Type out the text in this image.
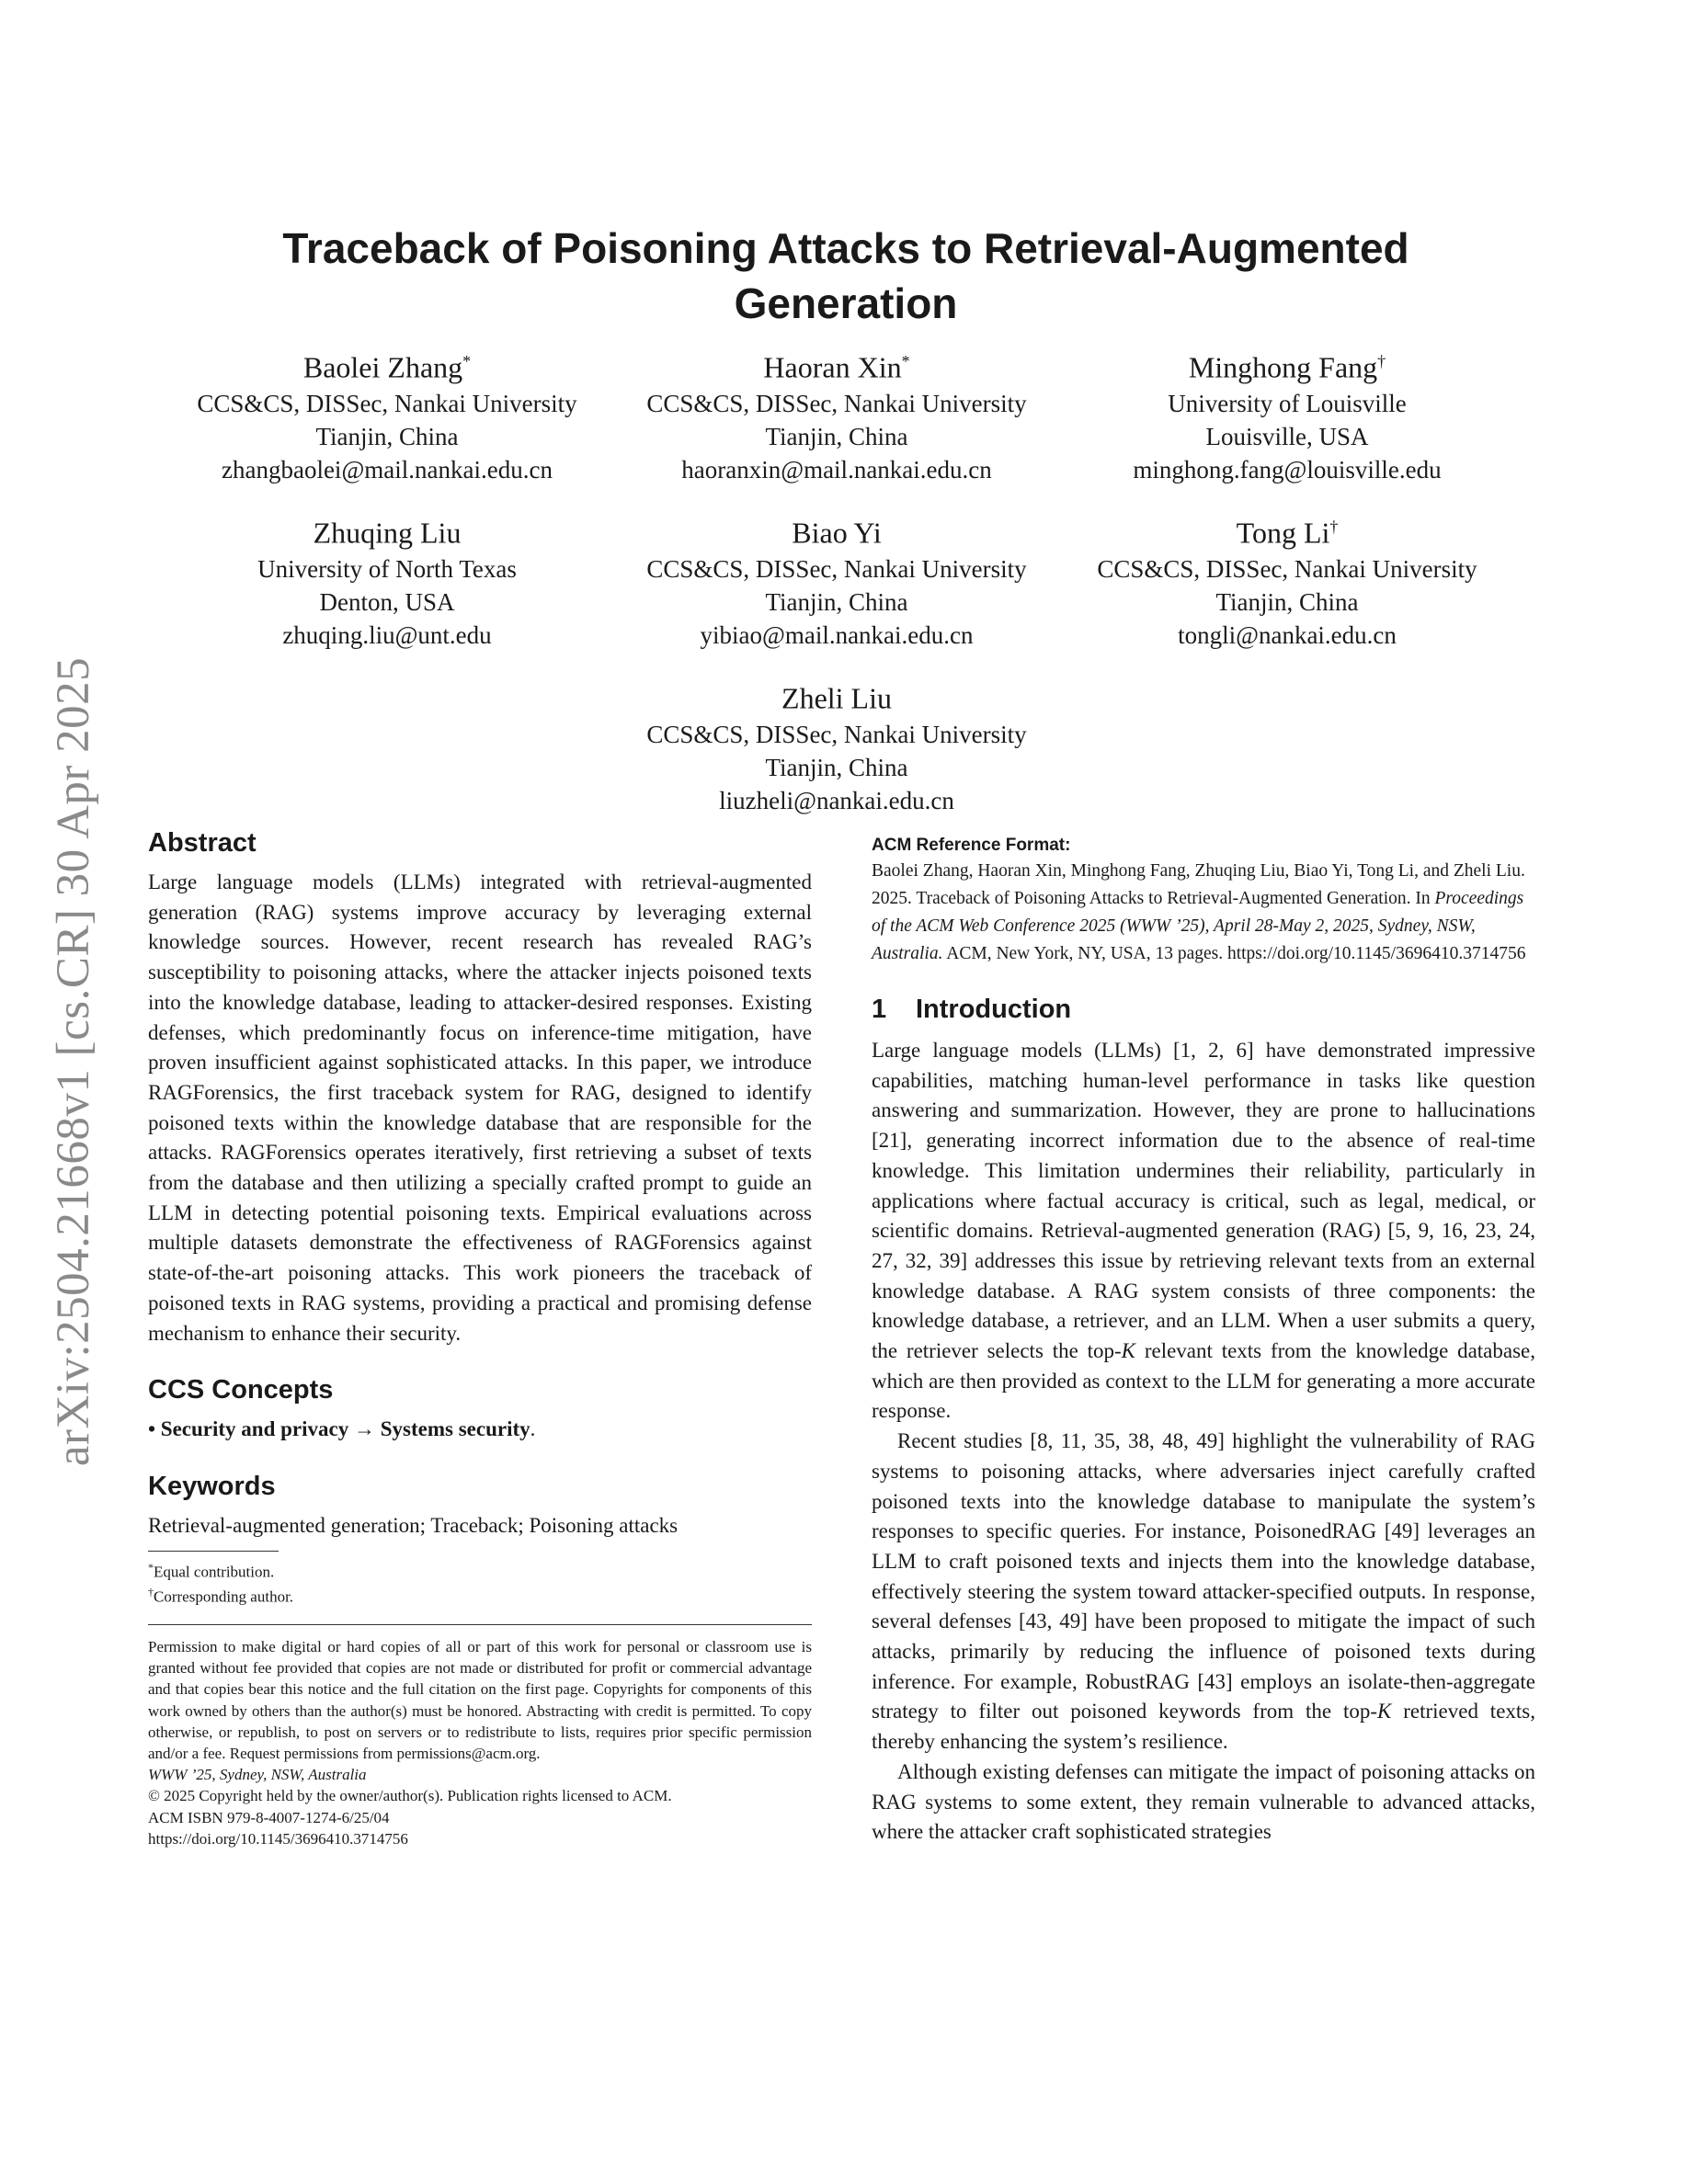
arXiv:2504.21668v1 [cs.CR] 30 Apr 2025
Traceback of Poisoning Attacks to Retrieval-Augmented Generation
Baolei Zhang*
CCS&CS, DISSec, Nankai University
Tianjin, China
zhangbaolei@mail.nankai.edu.cn
Haoran Xin*
CCS&CS, DISSec, Nankai University
Tianjin, China
haoranxin@mail.nankai.edu.cn
Minghong Fang†
University of Louisville
Louisville, USA
minghong.fang@louisville.edu
Zhuqing Liu
University of North Texas
Denton, USA
zhuqing.liu@unt.edu
Biao Yi
CCS&CS, DISSec, Nankai University
Tianjin, China
yibiao@mail.nankai.edu.cn
Tong Li†
CCS&CS, DISSec, Nankai University
Tianjin, China
tongli@nankai.edu.cn
Zheli Liu
CCS&CS, DISSec, Nankai University
Tianjin, China
liuzheli@nankai.edu.cn
Abstract

Large language models (LLMs) integrated with retrieval-augmented generation (RAG) systems improve accuracy by leveraging external knowledge sources. However, recent research has revealed RAG’s susceptibility to poisoning attacks, where the attacker injects poisoned texts into the knowledge database, leading to attacker-desired responses. Existing defenses, which predominantly focus on inference-time mitigation, have proven insufficient against sophisticated attacks. In this paper, we introduce RAGForensics, the first traceback system for RAG, designed to identify poisoned texts within the knowledge database that are responsible for the attacks. RAGForensics operates iteratively, first retrieving a subset of texts from the database and then utilizing a specially crafted prompt to guide an LLM in detecting potential poisoning texts. Empirical evaluations across multiple datasets demonstrate the effectiveness of RAGForensics against state-of-the-art poisoning attacks. This work pioneers the traceback of poisoned texts in RAG systems, providing a practical and promising defense mechanism to enhance their security.

CCS Concepts

• Security and privacy → Systems security.

Keywords

Retrieval-augmented generation; Traceback; Poisoning attacks

*Equal contribution.
†Corresponding author.
Permission to make digital or hard copies of all or part of this work for personal or classroom use is granted without fee provided that copies are not made or distributed for profit or commercial advantage and that copies bear this notice and the full citation on the first page. Copyrights for components of this work owned by others than the author(s) must be honored. Abstracting with credit is permitted. To copy otherwise, or republish, to post on servers or to redistribute to lists, requires prior specific permission and/or a fee. Request permissions from permissions@acm.org.
WWW ’25, Sydney, NSW, Australia
© 2025 Copyright held by the owner/author(s). Publication rights licensed to ACM.
ACM ISBN 979-8-4007-1274-6/25/04
https://doi.org/10.1145/3696410.3714756
ACM Reference Format:
Baolei Zhang, Haoran Xin, Minghong Fang, Zhuqing Liu, Biao Yi, Tong Li, and Zheli Liu. 2025. Traceback of Poisoning Attacks to Retrieval-Augmented Generation. In Proceedings of the ACM Web Conference 2025 (WWW ’25), April 28-May 2, 2025, Sydney, NSW, Australia. ACM, New York, NY, USA, 13 pages. https://doi.org/10.1145/3696410.3714756
1 Introduction

Large language models (LLMs) [1, 2, 6] have demonstrated impressive capabilities, matching human-level performance in tasks like question answering and summarization. However, they are prone to hallucinations [21], generating incorrect information due to the absence of real-time knowledge. This limitation undermines their reliability, particularly in applications where factual accuracy is critical, such as legal, medical, or scientific domains. Retrieval-augmented generation (RAG) [5, 9, 16, 23, 24, 27, 32, 39] addresses this issue by retrieving relevant texts from an external knowledge database. A RAG system consists of three components: the knowledge database, a retriever, and an LLM. When a user submits a query, the retriever selects the top-K relevant texts from the knowledge database, which are then provided as context to the LLM for generating a more accurate response.

Recent studies [8, 11, 35, 38, 48, 49] highlight the vulnerability of RAG systems to poisoning attacks, where adversaries inject carefully crafted poisoned texts into the knowledge database to manipulate the system’s responses to specific queries. For instance, PoisonedRAG [49] leverages an LLM to craft poisoned texts and injects them into the knowledge database, effectively steering the system toward attacker-specified outputs. In response, several defenses [43, 49] have been proposed to mitigate the impact of such attacks, primarily by reducing the influence of poisoned texts during inference. For example, RobustRAG [43] employs an isolate-then-aggregate strategy to filter out poisoned keywords from the top-K retrieved texts, thereby enhancing the system’s resilience.

Although existing defenses can mitigate the impact of poisoning attacks on RAG systems to some extent, they remain vulnerable to advanced attacks, where the attacker craft sophisticated strategies
